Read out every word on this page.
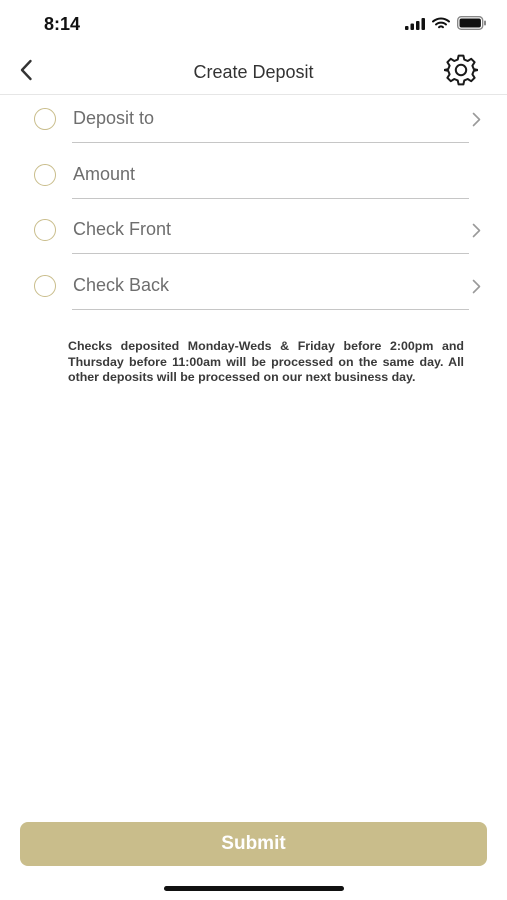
8:14
Create Deposit
Deposit to
Amount
Check Front
Check Back
Checks deposited Monday-Weds & Friday before 2:00pm and Thursday before 11:00am will be processed on the same day. All other deposits will be processed on our next business day.
Submit
